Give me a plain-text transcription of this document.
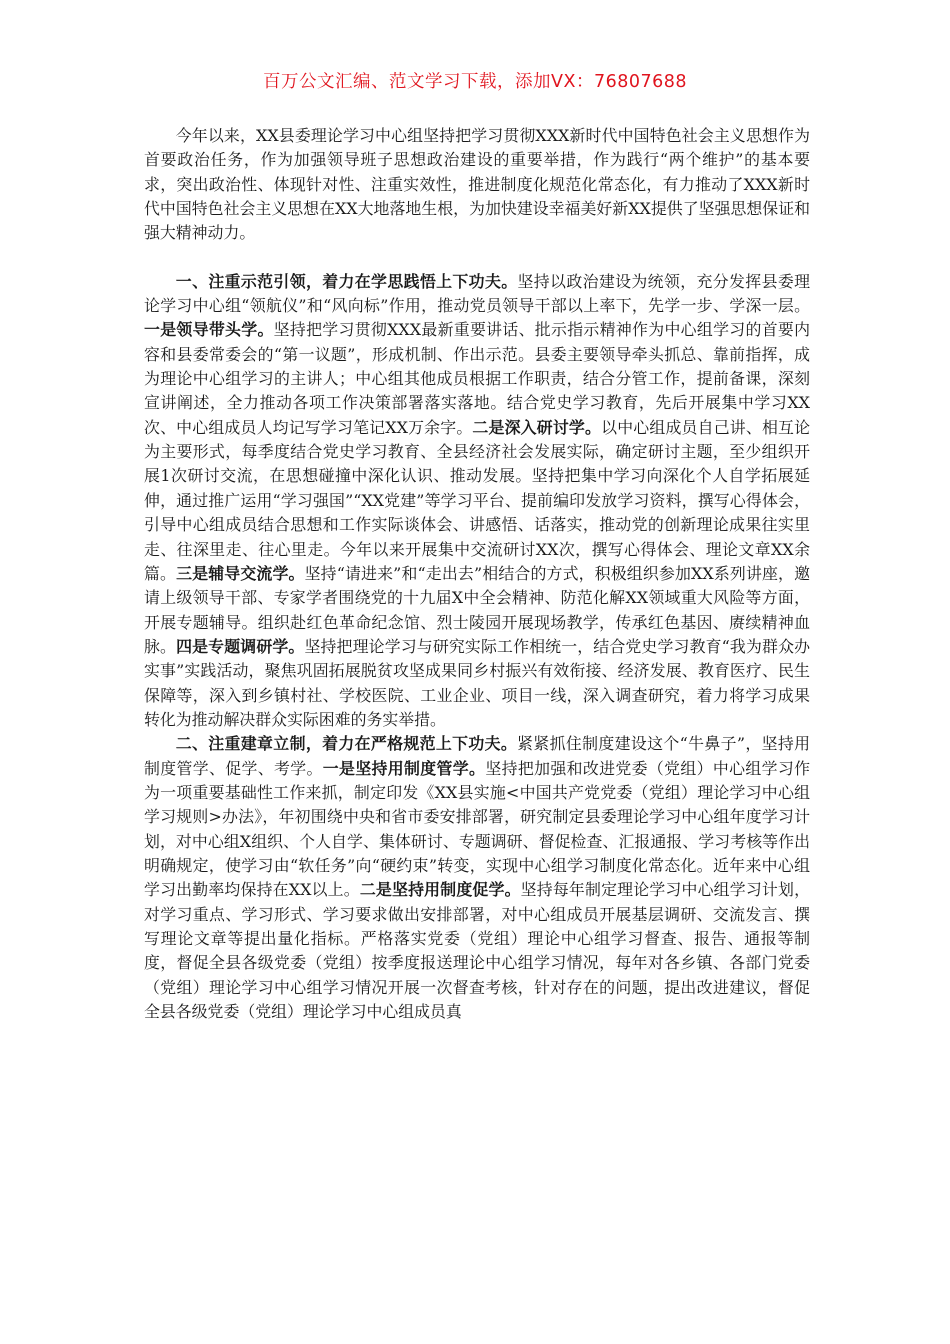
百万公文汇编、范文学习下载，添加VX：76807688

今年以来，XX县委理论学习中心组坚持把学习贯彻XXX新时代中国特色社会主义思想作为首要政治任务，作为加强领导班子思想政治建设的重要举措，作为践行“两个维护”的基本要求，突出政治性、体现针对性、注重实效性，推进制度化规范化常态化，有力推动了XXX新时代中国特色社会主义思想在XX大地落地生根，为加快建设幸福美好新XX提供了坚强思想保证和强大精神动力。

一、注重示范引领，着力在学思践悟上下功夫。坚持以政治建设为统领，充分发挥县委理论学习中心组“领航仪”和“风向标”作用，推动党员领导干部以上率下，先学一步、学深一层。一是领导带头学。坚持把学习贯彻XXX最新重要讲话、批示指示精神作为中心组学习的首要内容和县委常委会的“第一议题”，形成机制、作出示范。县委主要领导牵头抓总、靠前指挥，成为理论中心组学习的主讲人；中心组其他成员根据工作职责，结合分管工作，提前备课，深刻宣讲阐述，全力推动各项工作决策部署落实落地。结合党史学习教育，先后开展集中学习XX次、中心组成员人均记写学习笔记XX万余字。二是深入研讨学。以中心组成员自己讲、相互论为主要形式，每季度结合党史学习教育、全县经济社会发展实际，确定研讨主题，至少组织开展1次研讨交流，在思想碰撞中深化认识、推动发展。坚持把集中学习向深化个人自学拓展延伸，通过推广运用“学习强国”“XX党建”等学习平台、提前编印发放学习资料，撰写心得体会，引导中心组成员结合思想和工作实际谈体会、讲感悟、话落实，推动党的创新理论成果往实里走、往深里走、往心里走。今年以来开展集中交流研讨XX次，撰写心得体会、理论文章XX余篇。三是辅导交流学。坚持“请进来”和“走出去”相结合的方式，积极组织参加XX系列讲座，邀请上级领导干部、专家学者围绕党的十九届X中全会精神、防范化解XX领域重大风险等方面，开展专题辅导。组织赴红色革命纪念馆、烈士陵园开展现场教学，传承红色基因、赓续精神血脉。四是专题调研学。坚持把理论学习与研究实际工作相统一，结合党史学习教育“我为群众办实事”实践活动，聚焦巩固拓展脱贫攻坚成果同乡村振兴有效衔接、经济发展、教育医疗、民生保障等，深入到乡镇村社、学校医院、工业企业、项目一线，深入调查研究，着力将学习成果转化为推动解决群众实际困难的务实举措。

二、注重建章立制，着力在严格规范上下功夫。紧紧抓住制度建设这个“牛鼻子”，坚持用制度管学、促学、考学。一是坚持用制度管学。坚持把加强和改进党委（党组）中心组学习作为一项重要基础性工作来抓，制定印发《XX县实施<中国共产党党委（党组）理论学习中心组学习规则>办法》，年初围绕中央和省市委安排部署，研究制定县委理论学习中心组年度学习计划，对中心组X组织、个人自学、集体研讨、专题调研、督促检查、汇报通报、学习考核等作出明确规定，使学习由“软任务”向“硬约束”转变，实现中心组学习制度化常态化。近年来中心组学习出勤率均保持在XX以上。二是坚持用制度促学。坚持每年制定理论学习中心组学习计划，对学习重点、学习形式、学习要求做出安排部署，对中心组成员开展基层调研、交流发言、撰写理论文章等提出量化指标。严格落实党委（党组）理论中心组学习督查、报告、通报等制度，督促全县各级党委（党组）按季度报送理论中心组学习情况，每年对各乡镇、各部门党委（党组）理论学习中心组学习情况开展一次督查考核，针对存在的问题，提出改进建议，督促全县各级党委（党组）理论学习中心组成员真
